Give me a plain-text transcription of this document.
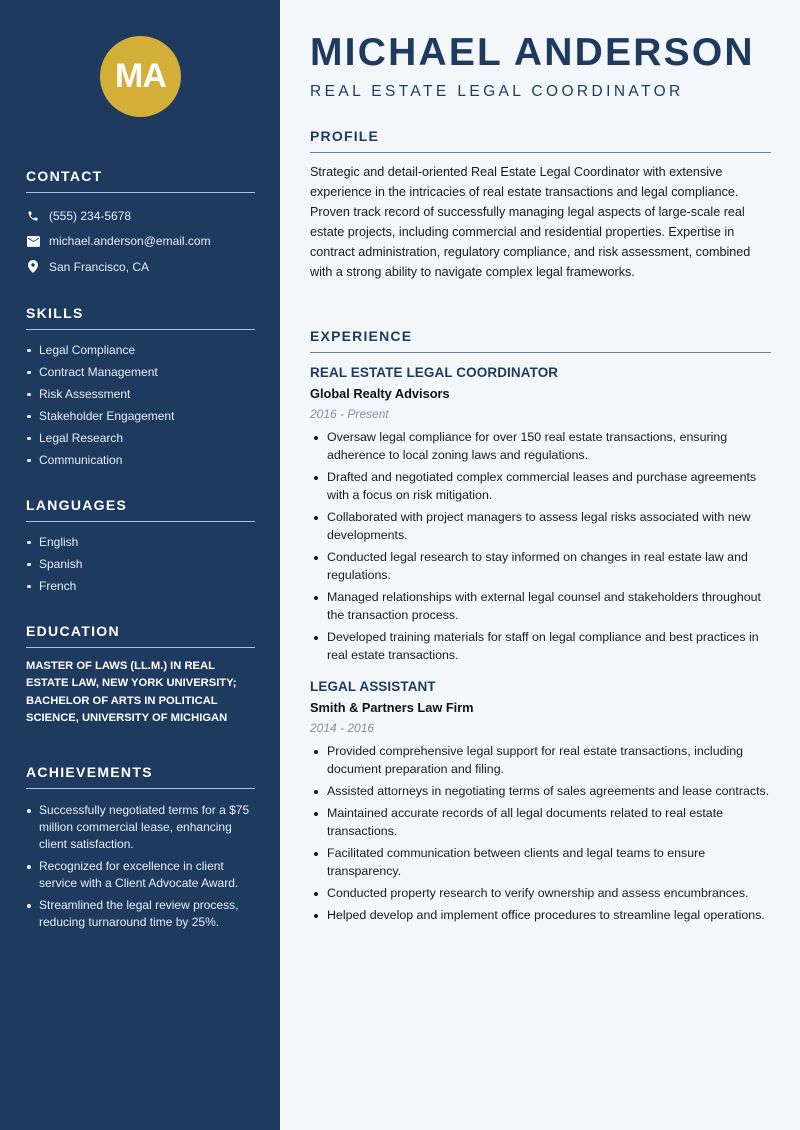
MA
CONTACT
(555) 234-5678
michael.anderson@email.com
San Francisco, CA
SKILLS
Legal Compliance
Contract Management
Risk Assessment
Stakeholder Engagement
Legal Research
Communication
LANGUAGES
English
Spanish
French
EDUCATION

MASTER OF LAWS (LL.M.) IN REAL ESTATE LAW, NEW YORK UNIVERSITY; BACHELOR OF ARTS IN POLITICAL SCIENCE, UNIVERSITY OF MICHIGAN

ACHIEVEMENTS
Successfully negotiated terms for a $75 million commercial lease, enhancing client satisfaction.
Recognized for excellence in client service with a Client Advocate Award.
Streamlined the legal review process, reducing turnaround time by 25%.
MICHAEL ANDERSON
REAL ESTATE LEGAL COORDINATOR
PROFILE

Strategic and detail-oriented Real Estate Legal Coordinator with extensive experience in the intricacies of real estate transactions and legal compliance. Proven track record of successfully managing legal aspects of large-scale real estate projects, including commercial and residential properties. Expertise in contract administration, regulatory compliance, and risk assessment, combined with a strong ability to navigate complex legal frameworks.

EXPERIENCE
REAL ESTATE LEGAL COORDINATOR
Global Realty Advisors
2016 - Present
Oversaw legal compliance for over 150 real estate transactions, ensuring adherence to local zoning laws and regulations.
Drafted and negotiated complex commercial leases and purchase agreements with a focus on risk mitigation.
Collaborated with project managers to assess legal risks associated with new developments.
Conducted legal research to stay informed on changes in real estate law and regulations.
Managed relationships with external legal counsel and stakeholders throughout the transaction process.
Developed training materials for staff on legal compliance and best practices in real estate transactions.
LEGAL ASSISTANT
Smith & Partners Law Firm
2014 - 2016
Provided comprehensive legal support for real estate transactions, including document preparation and filing.
Assisted attorneys in negotiating terms of sales agreements and lease contracts.
Maintained accurate records of all legal documents related to real estate transactions.
Facilitated communication between clients and legal teams to ensure transparency.
Conducted property research to verify ownership and assess encumbrances.
Helped develop and implement office procedures to streamline legal operations.
